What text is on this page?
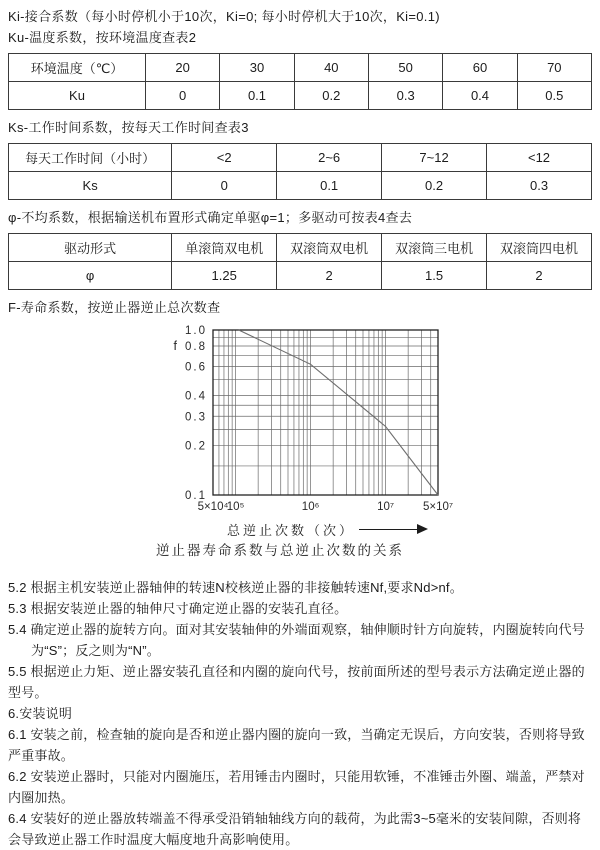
Ki-接合系数（每小时停机小于10次，Ki=0; 每小时停机大于10次，Ki=0.1)

Ku-温度系数，按环境温度查表2

环境温度（℃）	20	30	40	50	60	70
Ku	0	0.1	0.2	0.3	0.4	0.5

Ks-工作时间系数，按每天工作时间查表3

每天工作时间（小时）	<2	2~6	7~12	<12
Ks	0	0.1	0.2	0.3

φ-不均系数，根据输送机布置形式确定单驱φ=1；多驱动可按表4查去

驱动形式	单滚筒双电机	双滚筒双电机	双滚筒三电机	双滚筒四电机
φ	1.25	2	1.5	2

F-寿命系数，按逆止器逆止总次数查

1.0
0.8
0.6
0.4
0.3
0.2
0.1
f
5×10⁴
10⁵	10⁶	10⁷	5×10⁷
总逆止次数（次）
逆止器寿命系数与总逆止次数的关系

5.2 根据主机安装逆止器轴伸的转速N校核逆止器的非接触转速Nf,要求Nd>nf。

5.3 根据安装逆止器的轴伸尺寸确定逆止器的安装孔直径。

5.4 确定逆止器的旋转方向。面对其安装轴伸的外端面观察，轴伸顺时针方向旋转，内圈旋转向代号为“S”；反之则为“N”。

5.5 根据逆止力矩、逆止器安装孔直径和内圈的旋向代号，按前面所述的型号表示方法确定逆止器的型号。

6.安装说明

6.1 安装之前，检查轴的旋向是否和逆止器内圈的旋向一致，当确定无误后，方向安装，否则将导致严重事故。

6.2 安装逆止器时，只能对内圈施压，若用锤击内圈时，只能用软锤，不准锤击外圈、端盖，严禁对内圈加热。

6.4 安装好的逆止器放转端盖不得承受沿销轴轴线方向的载荷，为此需3~5毫米的安装间隙，否则将会导致逆止器工作时温度大幅度地升高影响使用。
